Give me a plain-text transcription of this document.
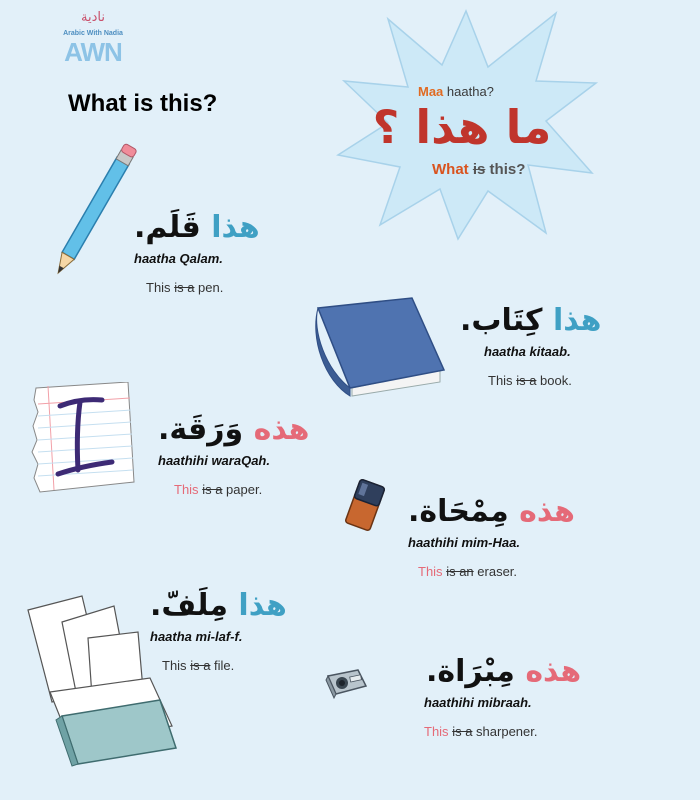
نادية
Arabic With Nadia
AWN
What is this?	Maa haatha?
ما هذا ؟
What is this?
هذا قَلَم.
haatha Qalam.
This is a pen.
هذا كِتَاب.
haatha kitaab.
This is a book.
هذه وَرَقَة.
haathihi waraQah.
This is a paper.
هذه مِمْحَاة.
haathihi mim-Haa.
This is an eraser.
هذا مِلَفّ.
haatha mi-laf-f.
This is a file.	هذه مِبْرَاة.
haathihi mibraah.
This is a sharpener.
